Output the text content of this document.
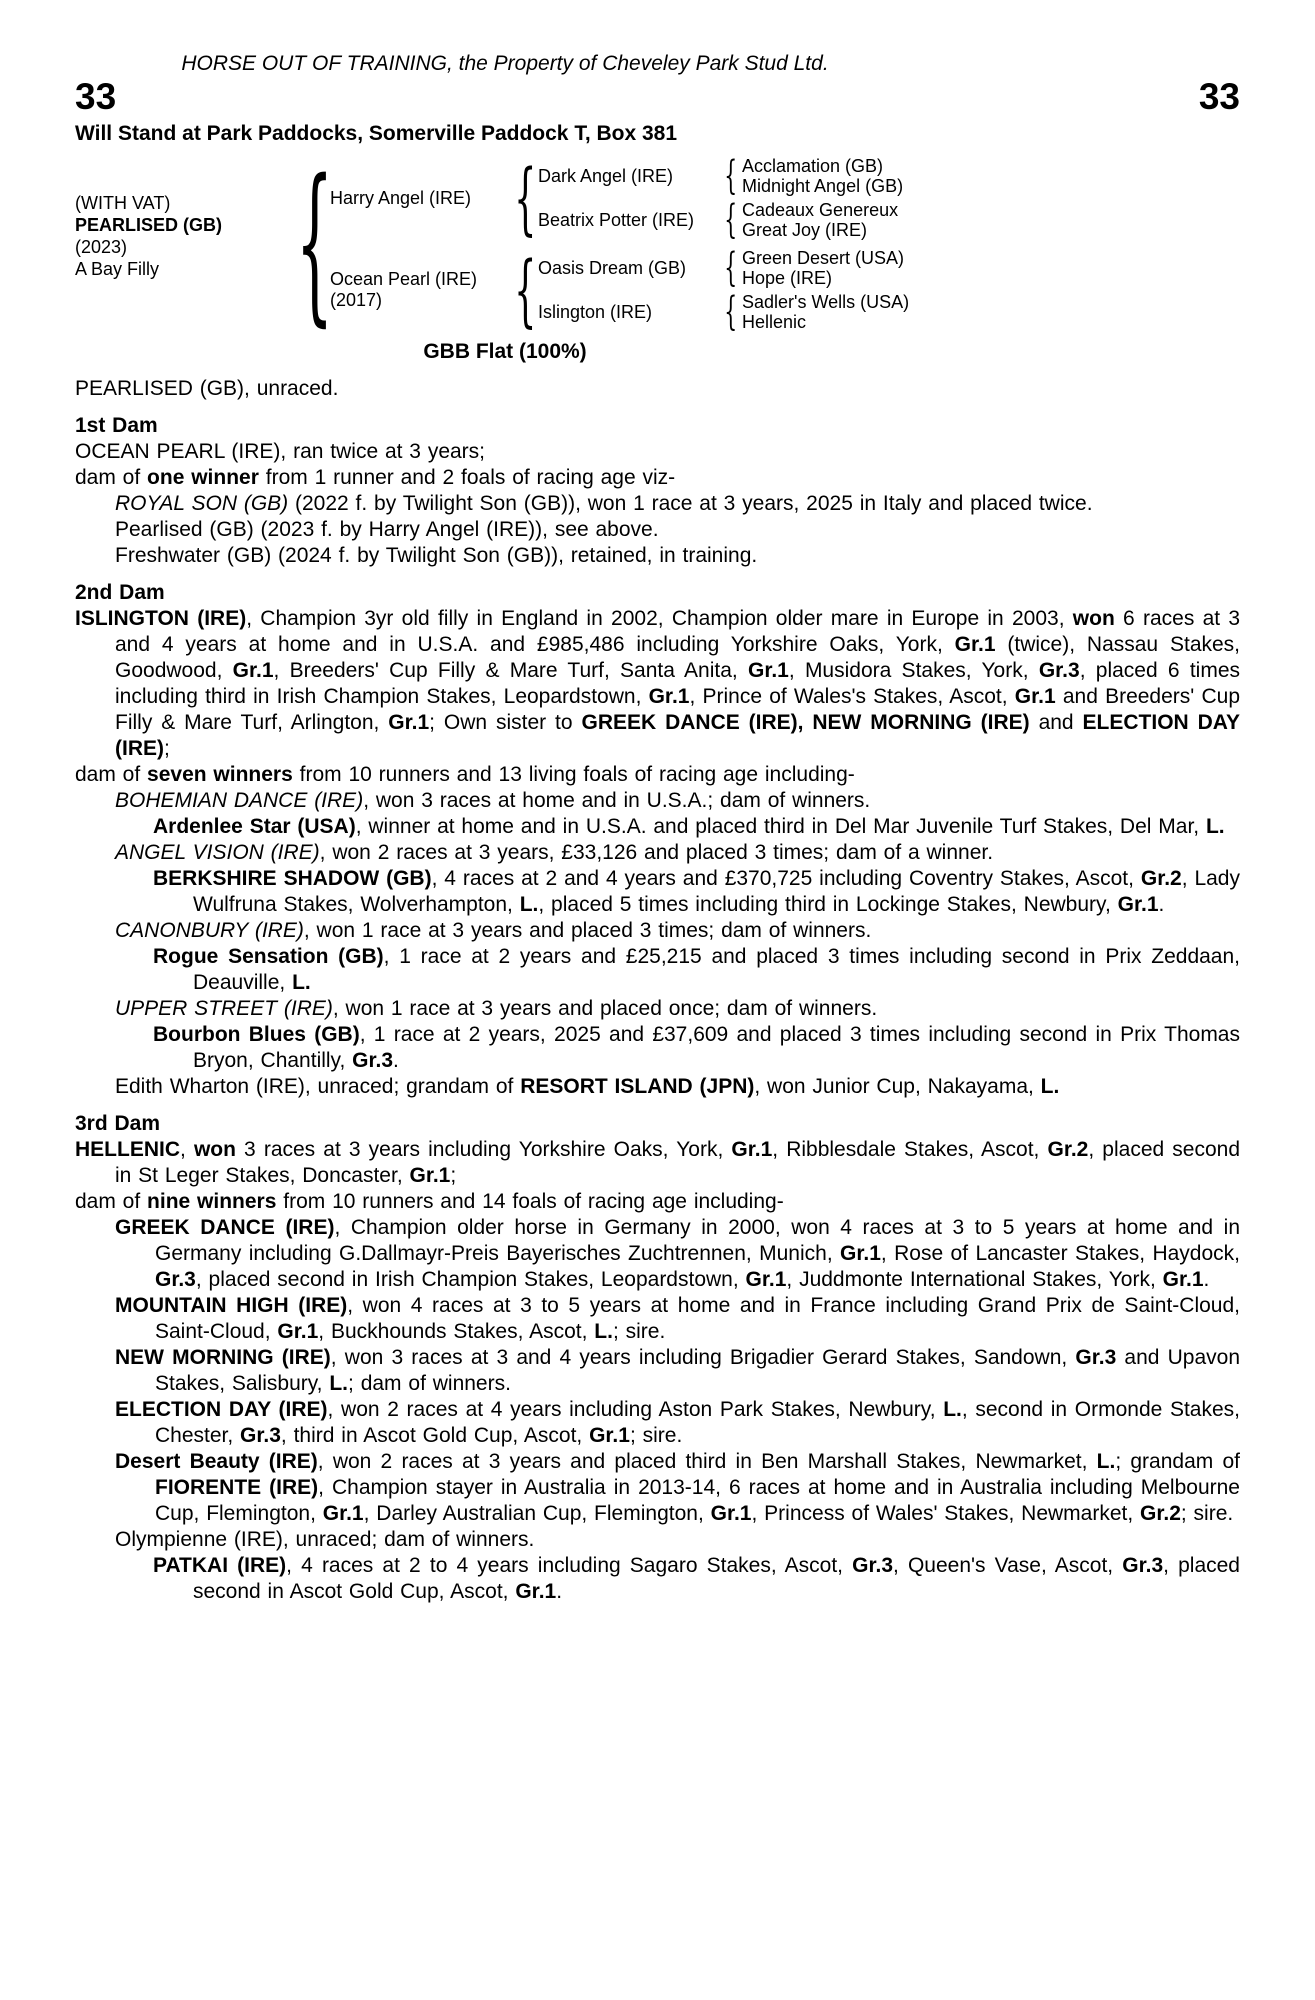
HORSE OUT OF TRAINING, the Property of Cheveley Park Stud Ltd.
33	33
Will Stand at Park Paddocks, Somerville Paddock T, Box 381
(WITH VAT)
PEARLISED (GB)
(2023)
A Bay Filly {
Harry Angel (IRE) { Dark Angel (IRE)	{ Acclamation (GB)
Midnight Angel (GB)
Beatrix Potter (IRE) { Cadeaux Genereux
Great Joy (IRE)
Ocean Pearl (IRE)
(2017)	{ Oasis Dream (GB)	{ Green Desert (USA)
Hope (IRE)
Islington (IRE)	{ Sadler's Wells (USA)
Hellenic
GBB Flat (100%)
PEARLISED (GB), unraced.
1st Dam
OCEAN PEARL (IRE), ran twice at 3 years;
dam of one winner from 1 runner and 2 foals of racing age viz-
ROYAL SON (GB) (2022 f. by Twilight Son (GB)), won 1 race at 3 years, 2025 in Italy and placed twice.
Pearlised (GB) (2023 f. by Harry Angel (IRE)), see above.
Freshwater (GB) (2024 f. by Twilight Son (GB)), retained, in training.
2nd Dam
ISLINGTON (IRE), Champion 3yr old filly in England in 2002, Champion older mare in Europe in 2003, won 6 races at 3 and 4 years at home and in U.S.A. and £985,486 including Yorkshire Oaks, York, Gr.1 (twice), Nassau Stakes, Goodwood, Gr.1, Breeders' Cup Filly & Mare Turf, Santa Anita, Gr.1, Musidora Stakes, York, Gr.3, placed 6 times including third in Irish Champion Stakes, Leopardstown, Gr.1, Prince of Wales's Stakes, Ascot, Gr.1 and Breeders' Cup Filly & Mare Turf, Arlington, Gr.1; Own sister to GREEK DANCE (IRE), NEW MORNING (IRE) and ELECTION DAY (IRE);
dam of seven winners from 10 runners and 13 living foals of racing age including-
BOHEMIAN DANCE (IRE), won 3 races at home and in U.S.A.; dam of winners.
Ardenlee Star (USA), winner at home and in U.S.A. and placed third in Del Mar Juvenile Turf Stakes, Del Mar, L.
ANGEL VISION (IRE), won 2 races at 3 years, £33,126 and placed 3 times; dam of a winner.
BERKSHIRE SHADOW (GB), 4 races at 2 and 4 years and £370,725 including Coventry Stakes, Ascot, Gr.2, Lady Wulfruna Stakes, Wolverhampton, L., placed 5 times including third in Lockinge Stakes, Newbury, Gr.1.
CANONBURY (IRE), won 1 race at 3 years and placed 3 times; dam of winners.
Rogue Sensation (GB), 1 race at 2 years and £25,215 and placed 3 times including second in Prix Zeddaan, Deauville, L.
UPPER STREET (IRE), won 1 race at 3 years and placed once; dam of winners.
Bourbon Blues (GB), 1 race at 2 years, 2025 and £37,609 and placed 3 times including second in Prix Thomas Bryon, Chantilly, Gr.3.
Edith Wharton (IRE), unraced; grandam of RESORT ISLAND (JPN), won Junior Cup, Nakayama, L.
3rd Dam
HELLENIC, won 3 races at 3 years including Yorkshire Oaks, York, Gr.1, Ribblesdale Stakes, Ascot, Gr.2, placed second in St Leger Stakes, Doncaster, Gr.1;
dam of nine winners from 10 runners and 14 foals of racing age including-
GREEK DANCE (IRE), Champion older horse in Germany in 2000, won 4 races at 3 to 5 years at home and in Germany including G.Dallmayr-Preis Bayerisches Zuchtrennen, Munich, Gr.1, Rose of Lancaster Stakes, Haydock, Gr.3, placed second in Irish Champion Stakes, Leopardstown, Gr.1, Juddmonte International Stakes, York, Gr.1.
MOUNTAIN HIGH (IRE), won 4 races at 3 to 5 years at home and in France including Grand Prix de Saint-Cloud, Saint-Cloud, Gr.1, Buckhounds Stakes, Ascot, L.; sire.
NEW MORNING (IRE), won 3 races at 3 and 4 years including Brigadier Gerard Stakes, Sandown, Gr.3 and Upavon Stakes, Salisbury, L.; dam of winners.
ELECTION DAY (IRE), won 2 races at 4 years including Aston Park Stakes, Newbury, L., second in Ormonde Stakes, Chester, Gr.3, third in Ascot Gold Cup, Ascot, Gr.1; sire.
Desert Beauty (IRE), won 2 races at 3 years and placed third in Ben Marshall Stakes, Newmarket, L.; grandam of FIORENTE (IRE), Champion stayer in Australia in 2013-14, 6 races at home and in Australia including Melbourne Cup, Flemington, Gr.1, Darley Australian Cup, Flemington, Gr.1, Princess of Wales' Stakes, Newmarket, Gr.2; sire.
Olympienne (IRE), unraced; dam of winners.
PATKAI (IRE), 4 races at 2 to 4 years including Sagaro Stakes, Ascot, Gr.3, Queen's Vase, Ascot, Gr.3, placed second in Ascot Gold Cup, Ascot, Gr.1.
